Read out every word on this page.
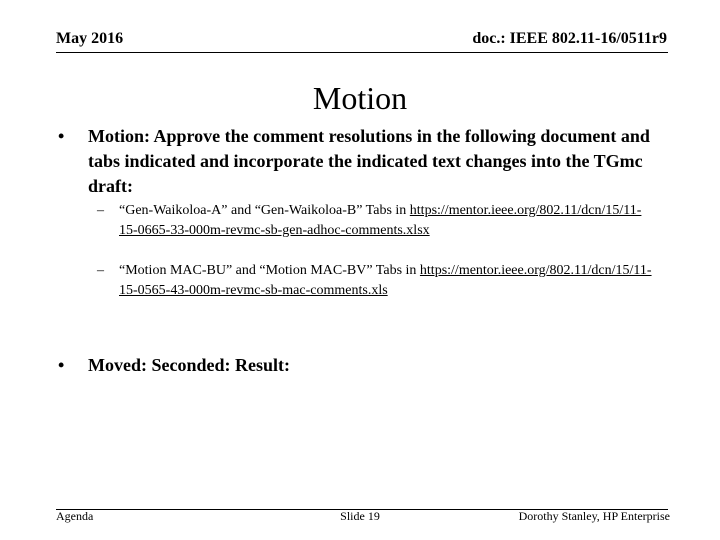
May 2016	doc.: IEEE 802.11-16/0511r9
Motion
•	Motion: Approve the comment resolutions in the following document and tabs indicated and incorporate the indicated text changes into the TGmc draft:
–	“Gen-Waikoloa-A” and “Gen-Waikoloa-B” Tabs in https://mentor.ieee.org/802.11/dcn/15/11-15-0665-33-000m-revmc-sb-gen-adhoc-comments.xlsx
–	“Motion MAC-BU” and “Motion MAC-BV” Tabs in https://mentor.ieee.org/802.11/dcn/15/11-15-0565-43-000m-revmc-sb-mac-comments.xls
•	Moved: Seconded: Result:
Agenda	Slide 19	Dorothy Stanley, HP Enterprise
